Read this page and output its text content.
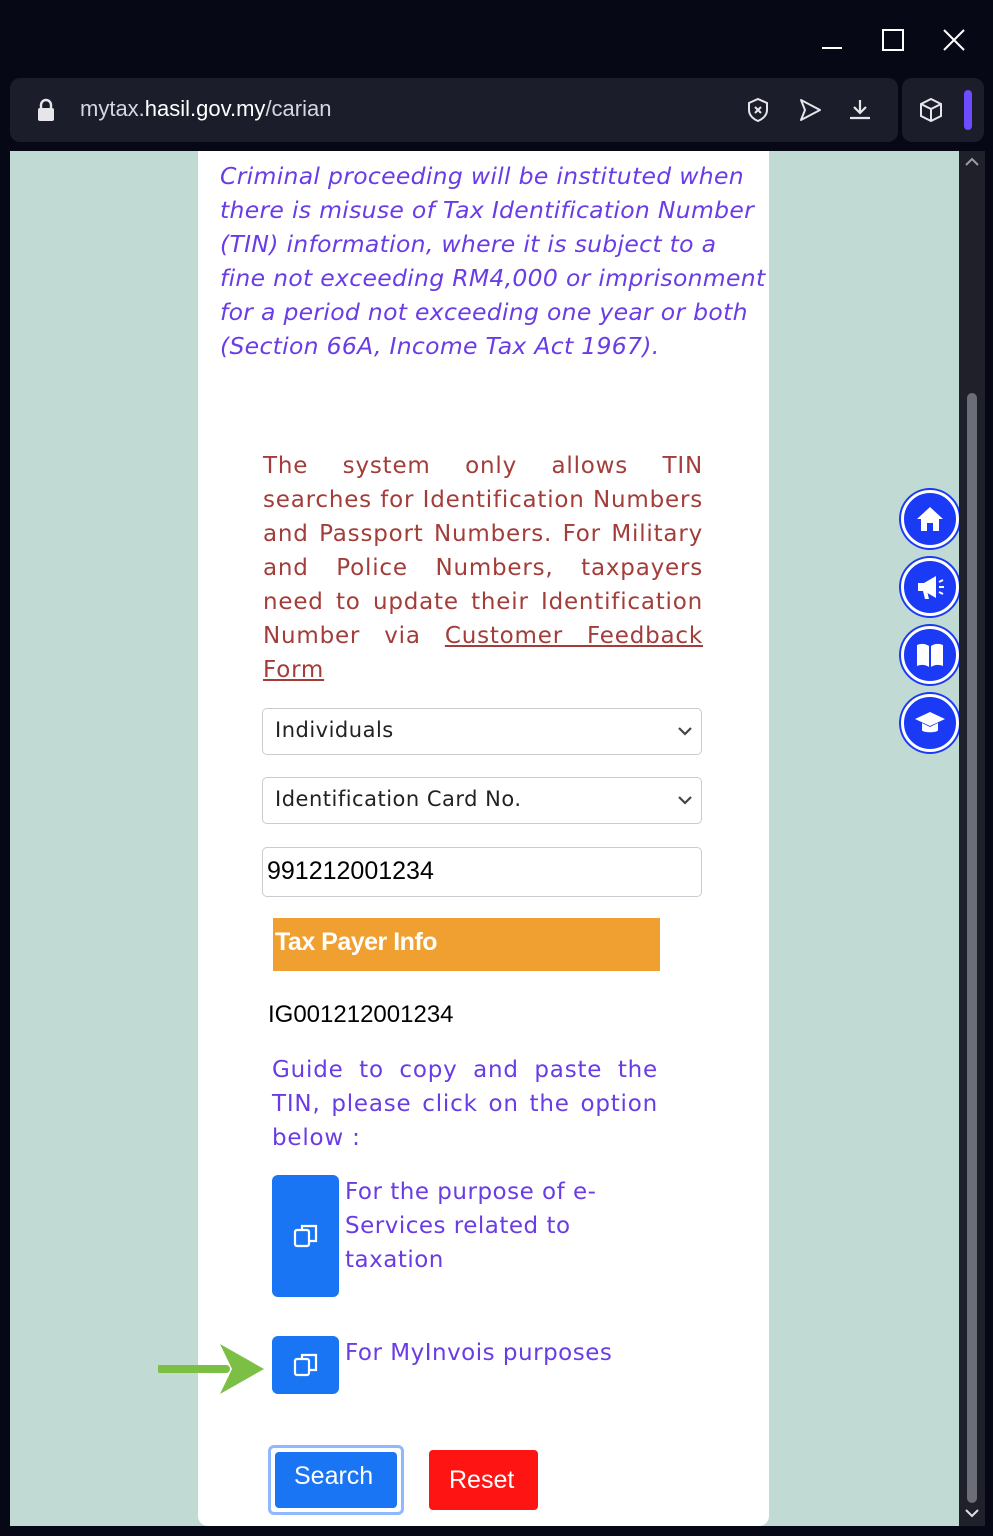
mytax.hasil.gov.my/carian

Criminal proceeding will be instituted when there is misuse of Tax Identification Number (TIN) information, where it is subject to a fine not exceeding RM4,000 or imprisonment for a period not exceeding one year or both (Section 66A, Income Tax Act 1967).

The system only allows TIN searches for Identification Numbers and Passport Numbers. For Military and Police Numbers, taxpayers need to update their Identification Number via Customer Feedback Form
Individuals
Identification Card No.
991212001234
Tax Payer Info
IG001212001234
Guide to copy and paste the TIN, please click on the option below :
For the purpose of e-Services related to taxation
For MyInvois purposes
Search	Reset
